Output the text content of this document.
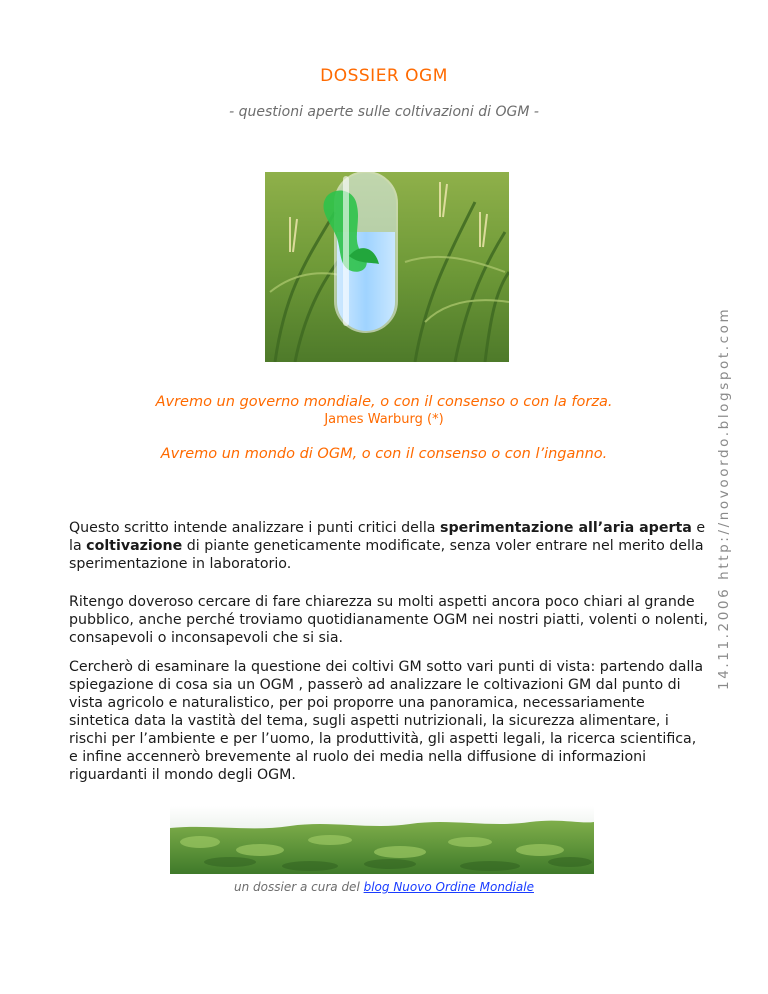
DOSSIER OGM
- questioni aperte sulle coltivazioni di OGM -
Avremo un governo mondiale, o con il consenso o con la forza.
James Warburg (*)
Avremo un mondo di OGM, o con il consenso o con l’inganno.
Questo scritto intende analizzare i punti critici della sperimentazione all’aria aperta e la coltivazione di piante geneticamente modificate, senza voler entrare nel merito della sperimentazione in laboratorio.
Ritengo doveroso cercare di fare chiarezza su molti aspetti ancora poco chiari al grande pubblico, anche perché troviamo quotidianamente OGM nei nostri piatti, volenti o nolenti, consapevoli o inconsapevoli che si sia.
Cercherò di esaminare la questione dei coltivi GM sotto vari punti di vista: partendo dalla spiegazione di cosa sia un OGM , passerò ad analizzare le coltivazioni GM dal punto di vista agricolo e naturalistico, per poi proporre una panoramica, necessariamente sintetica data la vastità del tema, sugli aspetti nutrizionali, la sicurezza alimentare, i rischi per l’ambiente e per l’uomo, la produttività, gli aspetti legali, la ricerca scientifica, e infine accennerò brevemente al ruolo dei media nella diffusione di informazioni riguardanti il mondo degli OGM.
14.11.2006 http://novoordo.blogspot.com
un dossier a cura del blog Nuovo Ordine Mondiale
